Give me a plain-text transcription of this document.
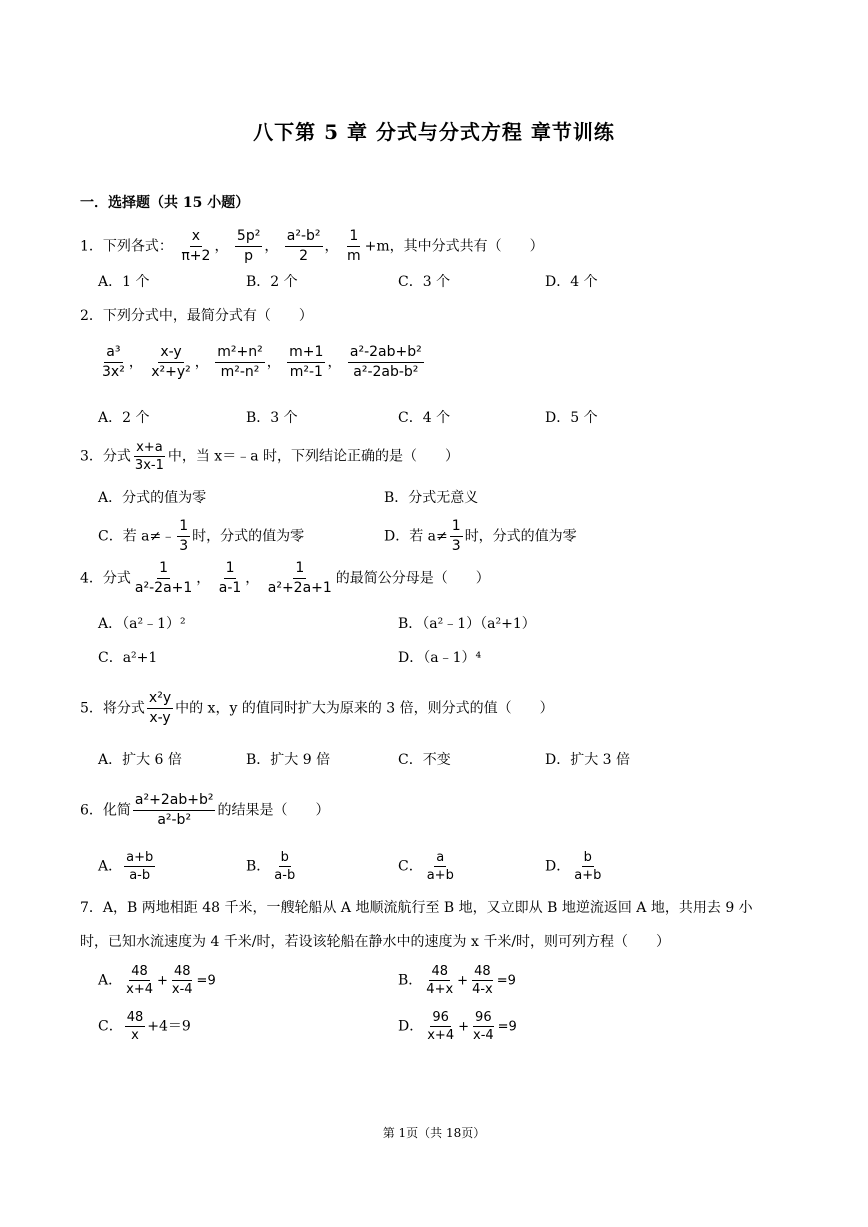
八下第 5 章 分式与分式方程 章节训练
一．选择题（共 15 小题）
1．下列各式： $\frac{x}{\pi+2}$ ， $\frac{\text{5p²}}{p}$ ， $\frac{\text{a²-b²}}{2}$ ， $\frac{1}{m} +m$，其中分式共有（　　）
A．1 个	B．2 个	C．3 个	D．4 个
2．下列分式中，最简分式有（　　）
$\frac{\text{a³}}{\text{3x²}}$ ， $\frac{x-y}{\text{x²+y²}}$ ， $\frac{\text{m²+n²}}{\text{m²-n²}}$ ， $\frac{m+1}{\text{m²-1}}$ ， $\frac{\text{a²-2ab+b²}}{\text{a²-2ab-b²}}$
A．2 个	B．3 个	C．4 个	D．5 个
3．分式 $\frac{x+a}{3x-1}$ 中，当 x＝﹣a 时，下列结论正确的是（　　）
A．分式的值为零	B．分式无意义
C．若 a≠﹣ $\frac{1}{3}$ 时，分式的值为零	D．若 $a\ne \frac{1}{3}$ 时，分式的值为零
4．分式 $\frac{1}{\text{a²-2a+1}}$ ， $\frac{1}{a-1}$ ， $\frac{1}{\text{a²+2a+1}}$ 的最简公分母是（　　）
A．（a²﹣1）²	B．（a²﹣1）（a²+1）
C．a²+1	D．（a﹣1）⁴
5．将分式 $\frac{\text{x²y}}{x-y}$ 中的 x，y 的值同时扩大为原来的 3 倍，则分式的值（　　）
A．扩大 6 倍	B．扩大 9 倍	C．不变	D．扩大 3 倍
6．化简 $\frac{\text{a²+2ab+b²}}{\text{a²-b²}}$ 的结果是（　　）
A． $\frac{a+b}{a-b}$	B． $\frac{b}{a-b}$	C． $\frac{a}{a+b}$	D． $\frac{b}{a+b}$
7．A，B 两地相距 48 千米，一艘轮船从 A 地顺流航行至 B 地，又立即从 B 地逆流返回 A 地，共用去 9 小
时，已知水流速度为 4 千米/时，若设该轮船在静水中的速度为 x 千米/时，则可列方程（　　）
A． $\frac{48}{x+4} + \frac{48}{x-4} =9$	B． $\frac{48}{4+x} + \frac{48}{4-x} =9$
C． $\frac{48}{x} +4=9$	D． $\frac{96}{x+4} + \frac{96}{x-4} =9$
第 1页（共 18页）
